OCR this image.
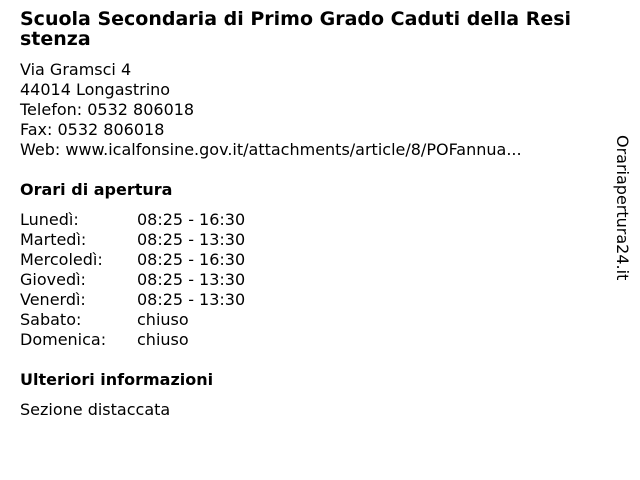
Scuola Secondaria di Primo Grado Caduti della Resistenza
Via Gramsci 4
44014 Longastrino
Telefon: 0532 806018
Fax: 0532 806018
Web: www.icalfonsine.gov.it/attachments/article/8/POFannua...
Orari di apertura
Lunedì:	08:25 - 16:30
Martedì:	08:25 - 13:30
Mercoledì:	08:25 - 16:30
Giovedì:	08:25 - 13:30
Venerdì:	08:25 - 13:30
Sabato:	chiuso
Domenica:	chiuso
Ulteriori informazioni
Sezione distaccata
Orariapertura24.it
